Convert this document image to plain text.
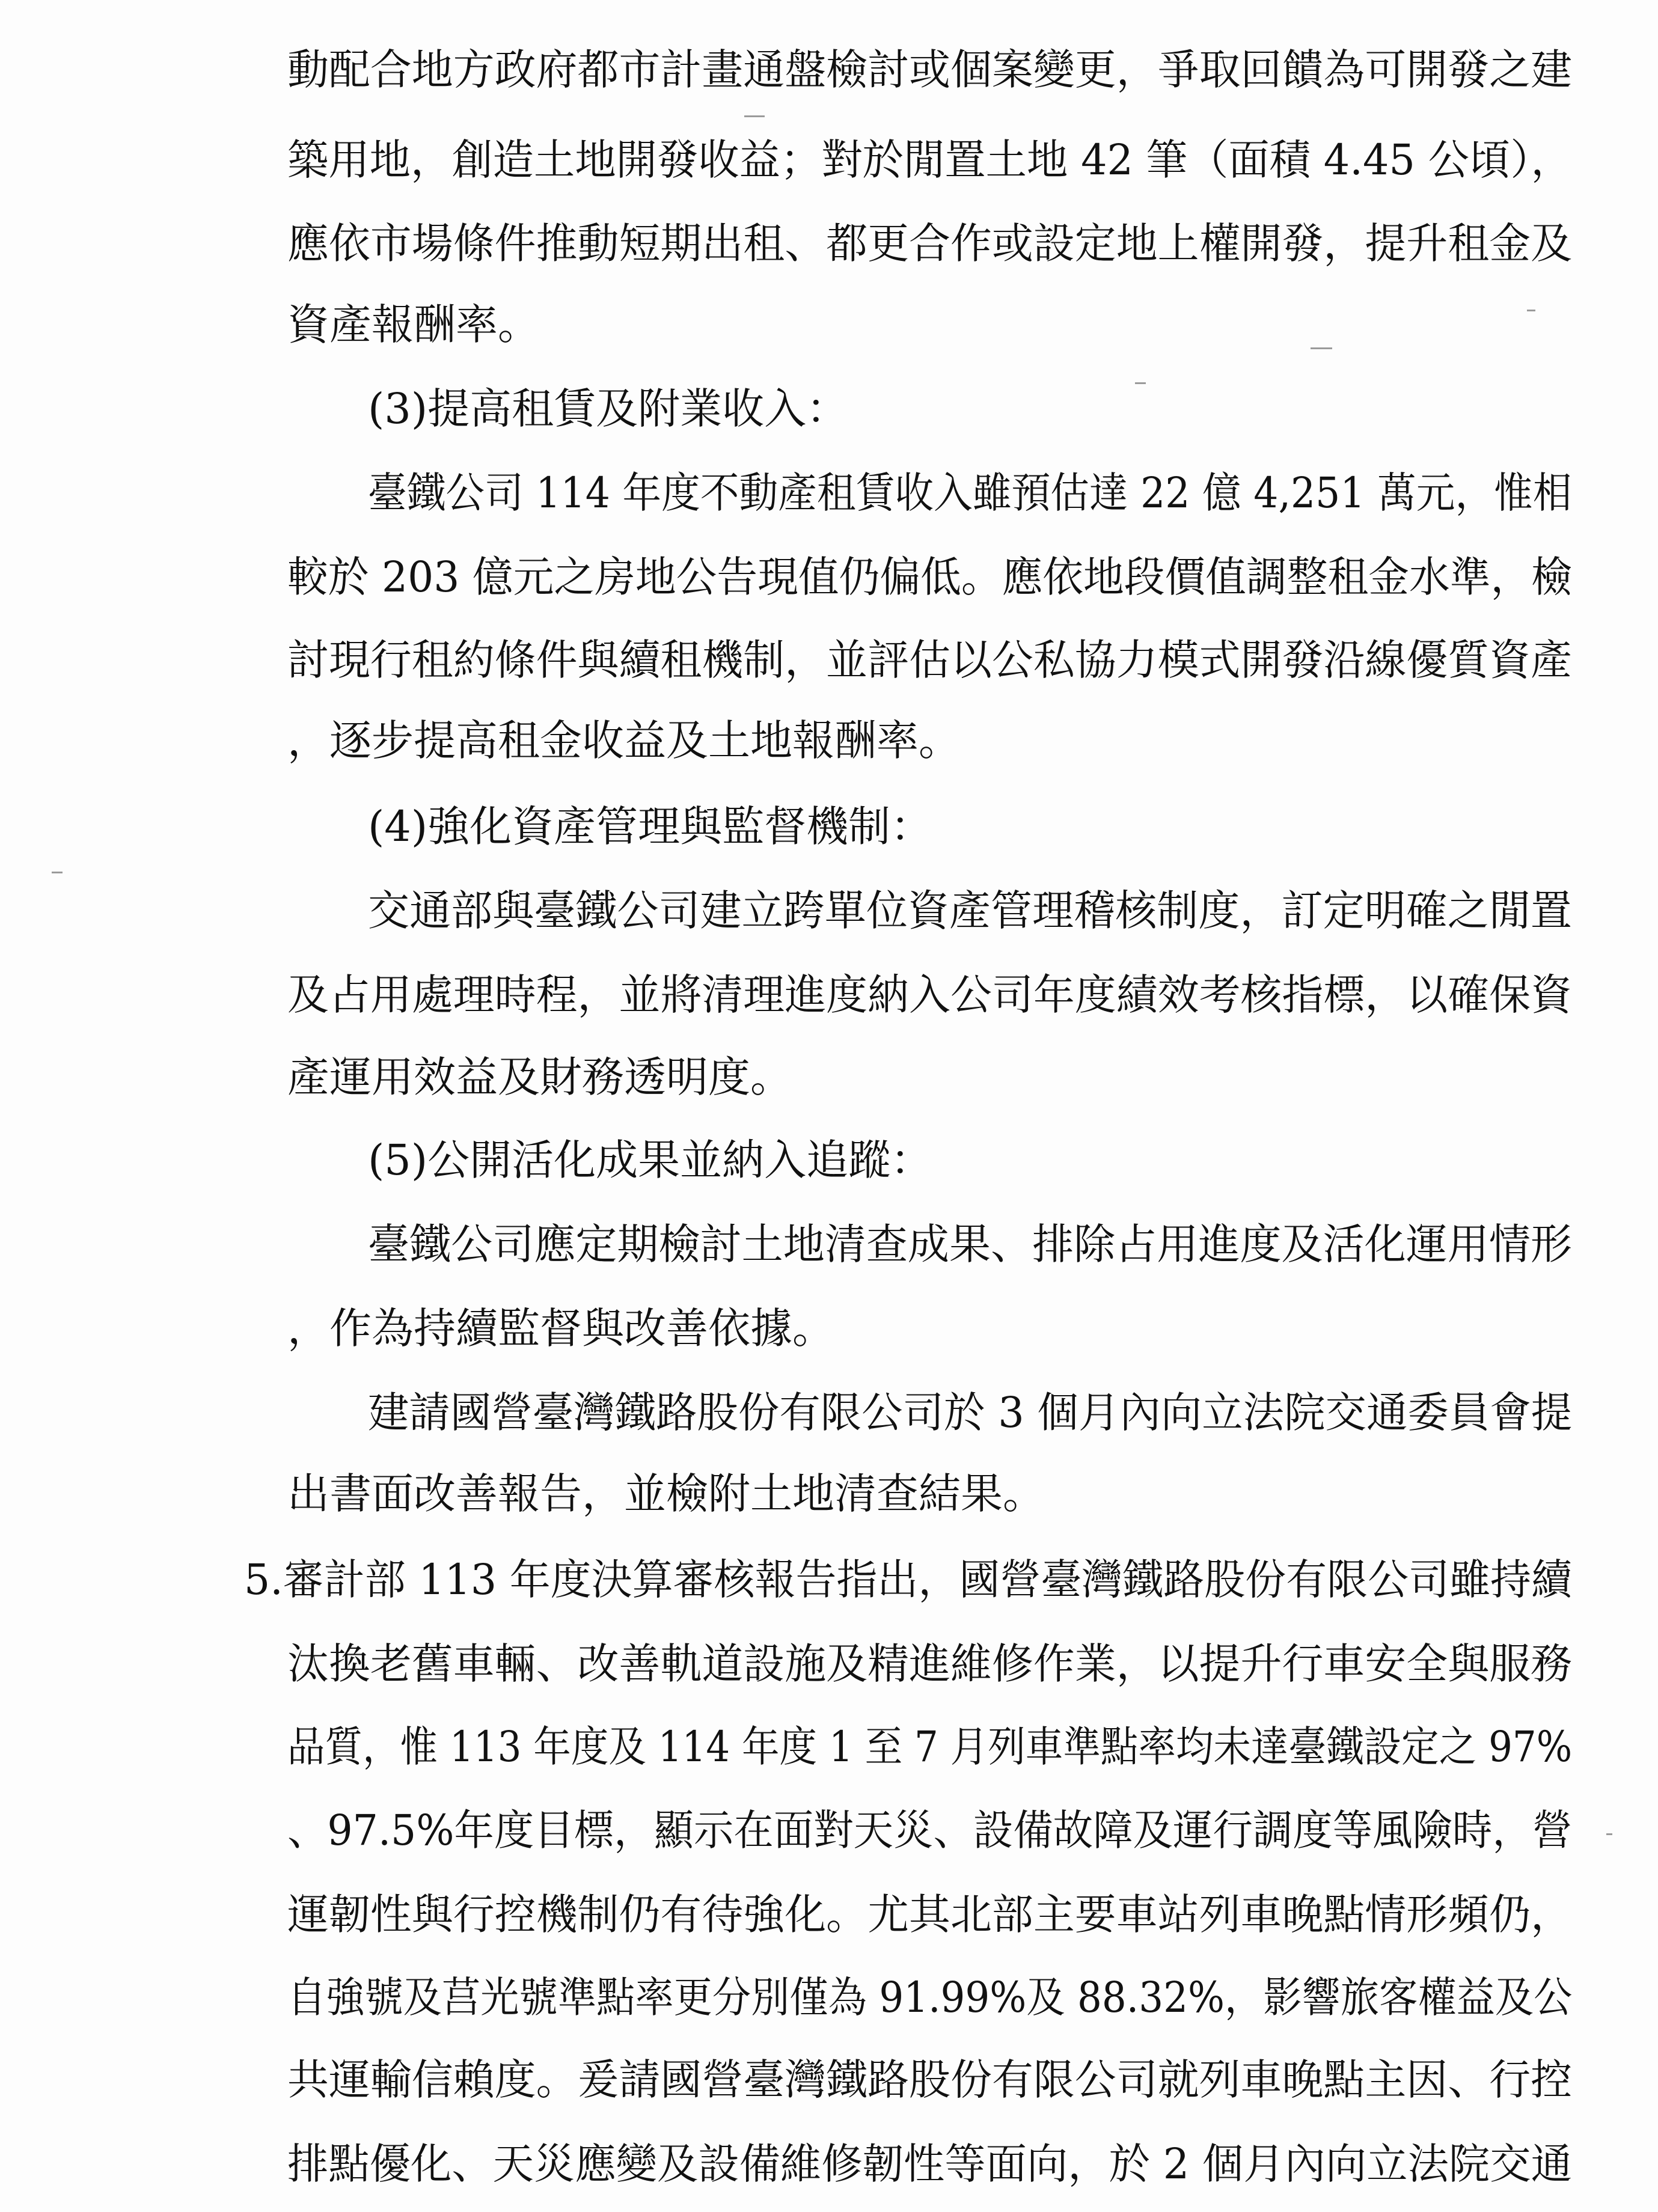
動配合地方政府都市計畫通盤檢討或個案變更，爭取回饋為可開發之建

築用地，創造土地開發收益；對於閒置土地 42 筆（面積 4.45 公頃），

應依市場條件推動短期出租、都更合作或設定地上權開發，提升租金及

資產報酬率。

(3)提高租賃及附業收入：

臺鐵公司 114 年度不動產租賃收入雖預估達 22 億 4,251 萬元，惟相

較於 203 億元之房地公告現值仍偏低。應依地段價值調整租金水準，檢

討現行租約條件與續租機制，並評估以公私協力模式開發沿線優質資產

，逐步提高租金收益及土地報酬率。

(4)強化資產管理與監督機制：

交通部與臺鐵公司建立跨單位資產管理稽核制度，訂定明確之閒置

及占用處理時程，並將清理進度納入公司年度績效考核指標，以確保資

產運用效益及財務透明度。

(5)公開活化成果並納入追蹤：

臺鐵公司應定期檢討土地清查成果、排除占用進度及活化運用情形

，作為持續監督與改善依據。

建請國營臺灣鐵路股份有限公司於 3 個月內向立法院交通委員會提

出書面改善報告，並檢附土地清查結果。

5.審計部 113 年度決算審核報告指出，國營臺灣鐵路股份有限公司雖持續

汰換老舊車輛、改善軌道設施及精進維修作業，以提升行車安全與服務

品質，惟 113 年度及 114 年度 1 至 7 月列車準點率均未達臺鐵設定之 97%

、97.5%年度目標，顯示在面對天災、設備故障及運行調度等風險時，營

運韌性與行控機制仍有待強化。尤其北部主要車站列車晚點情形頻仍，

自強號及莒光號準點率更分別僅為 91.99%及 88.32%，影響旅客權益及公

共運輸信賴度。爰請國營臺灣鐵路股份有限公司就列車晚點主因、行控

排點優化、天災應變及設備維修韌性等面向，於 2 個月內向立法院交通
